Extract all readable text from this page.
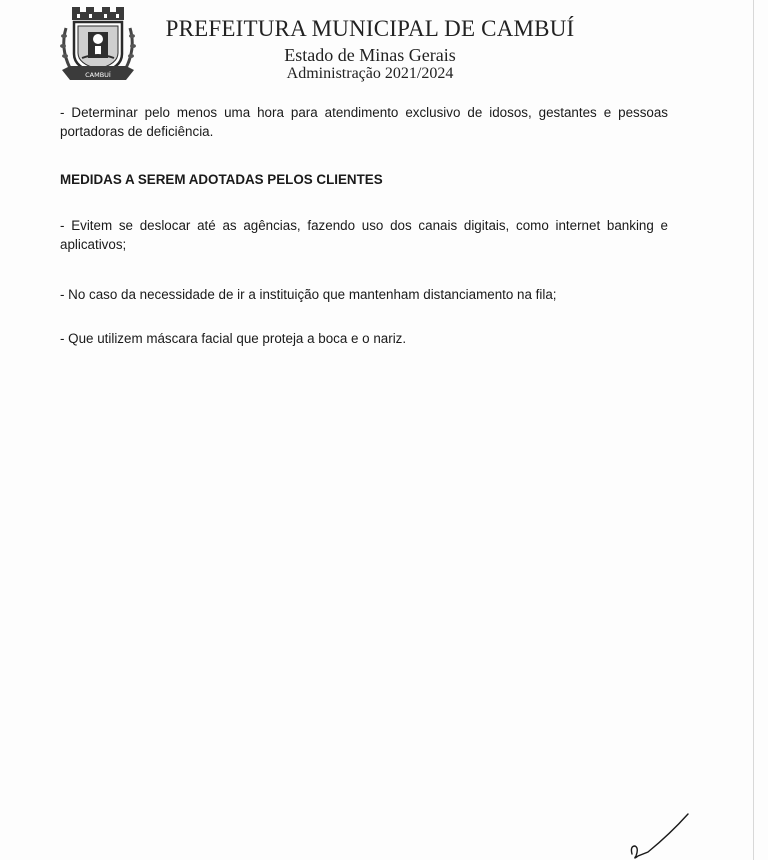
CAMBUÍ
PREFEITURA MUNICIPAL DE CAMBUÍ
Estado de Minas Gerais
Administração 2021/2024

- Determinar pelo menos uma hora para atendimento exclusivo de idosos, gestantes e pessoas portadoras de deficiência.

MEDIDAS A SEREM ADOTADAS PELOS CLIENTES

- Evitem se deslocar até as agências, fazendo uso dos canais digitais, como internet banking e aplicativos;

- No caso da necessidade de ir a instituição que mantenham distanciamento na fila;

- Que utilizem máscara facial que proteja a boca e o nariz.
